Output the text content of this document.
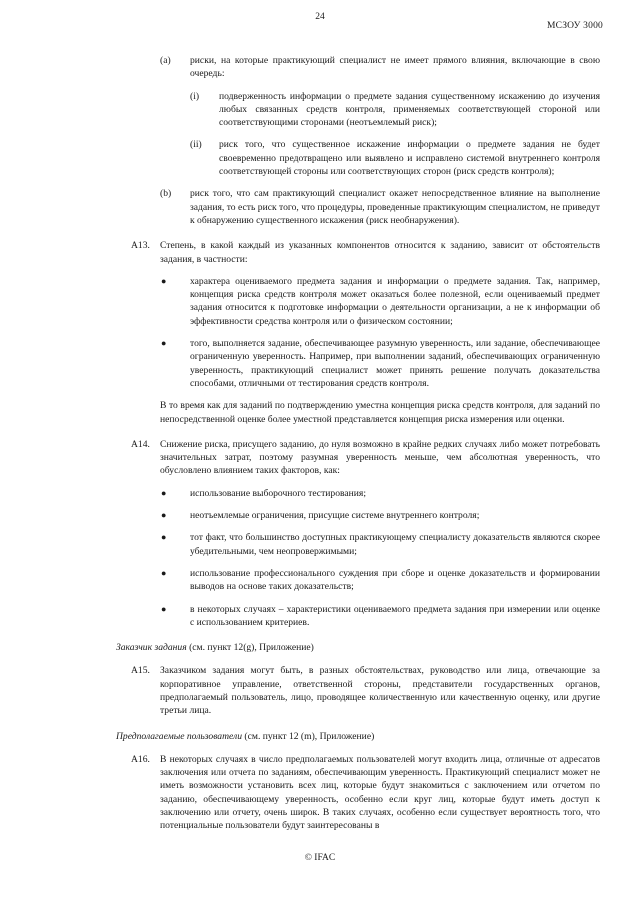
24
МСЗОУ 3000
(a) риски, на которые практикующий специалист не имеет прямого влияния, включающие в свою очередь:
(i) подверженность информации о предмете задания существенному искажению до изучения любых связанных средств контроля, применяемых соответствующей стороной или соответствующими сторонами (неотъемлемый риск);
(ii) риск того, что существенное искажение информации о предмете задания не будет своевременно предотвращено или выявлено и исправлено системой внутреннего контроля соответствующей стороны или соответствующих сторон (риск средств контроля);
(b) риск того, что сам практикующий специалист окажет непосредственное влияние на выполнение задания, то есть риск того, что процедуры, проведенные практикующим специалистом, не приведут к обнаружению существенного искажения (риск необнаружения).
A13. Степень, в какой каждый из указанных компонентов относится к заданию, зависит от обстоятельств задания, в частности:
● характера оцениваемого предмета задания и информации о предмете задания. Так, например, концепция риска средств контроля может оказаться более полезной, если оцениваемый предмет задания относится к подготовке информации о деятельности организации, а не к информации об эффективности средства контроля или о физическом состоянии;
● того, выполняется задание, обеспечивающее разумную уверенность, или задание, обеспечивающее ограниченную уверенность. Например, при выполнении заданий, обеспечивающих ограниченную уверенность, практикующий специалист может принять решение получать доказательства способами, отличными от тестирования средств контроля.
В то время как для заданий по подтверждению уместна концепция риска средств контроля, для заданий по непосредственной оценке более уместной представляется концепция риска измерения или оценки.
A14. Снижение риска, присущего заданию, до нуля возможно в крайне редких случаях либо может потребовать значительных затрат, поэтому разумная уверенность меньше, чем абсолютная уверенность, что обусловлено влиянием таких факторов, как:
● использование выборочного тестирования;
● неотъемлемые ограничения, присущие системе внутреннего контроля;
● тот факт, что большинство доступных практикующему специалисту доказательств являются скорее убедительными, чем неопровержимыми;
● использование профессионального суждения при сборе и оценке доказательств и формировании выводов на основе таких доказательств;
● в некоторых случаях – характеристики оцениваемого предмета задания при измерении или оценке с использованием критериев.
Заказчик задания (см. пункт 12(g), Приложение)
A15. Заказчиком задания могут быть, в разных обстоятельствах, руководство или лица, отвечающие за корпоративное управление, ответственной стороны, представители государственных органов, предполагаемый пользователь, лицо, проводящее количественную или качественную оценку, или другие третьи лица.
Предполагаемые пользователи (см. пункт 12 (m), Приложение)
A16. В некоторых случаях в число предполагаемых пользователей могут входить лица, отличные от адресатов заключения или отчета по заданиям, обеспечивающим уверенность. Практикующий специалист может не иметь возможности установить всех лиц, которые будут знакомиться с заключением или отчетом по заданию, обеспечивающему уверенность, особенно если круг лиц, которые будут иметь доступ к заключению или отчету, очень широк. В таких случаях, особенно если существует вероятность того, что потенциальные пользователи будут заинтересованы в
© IFAC
